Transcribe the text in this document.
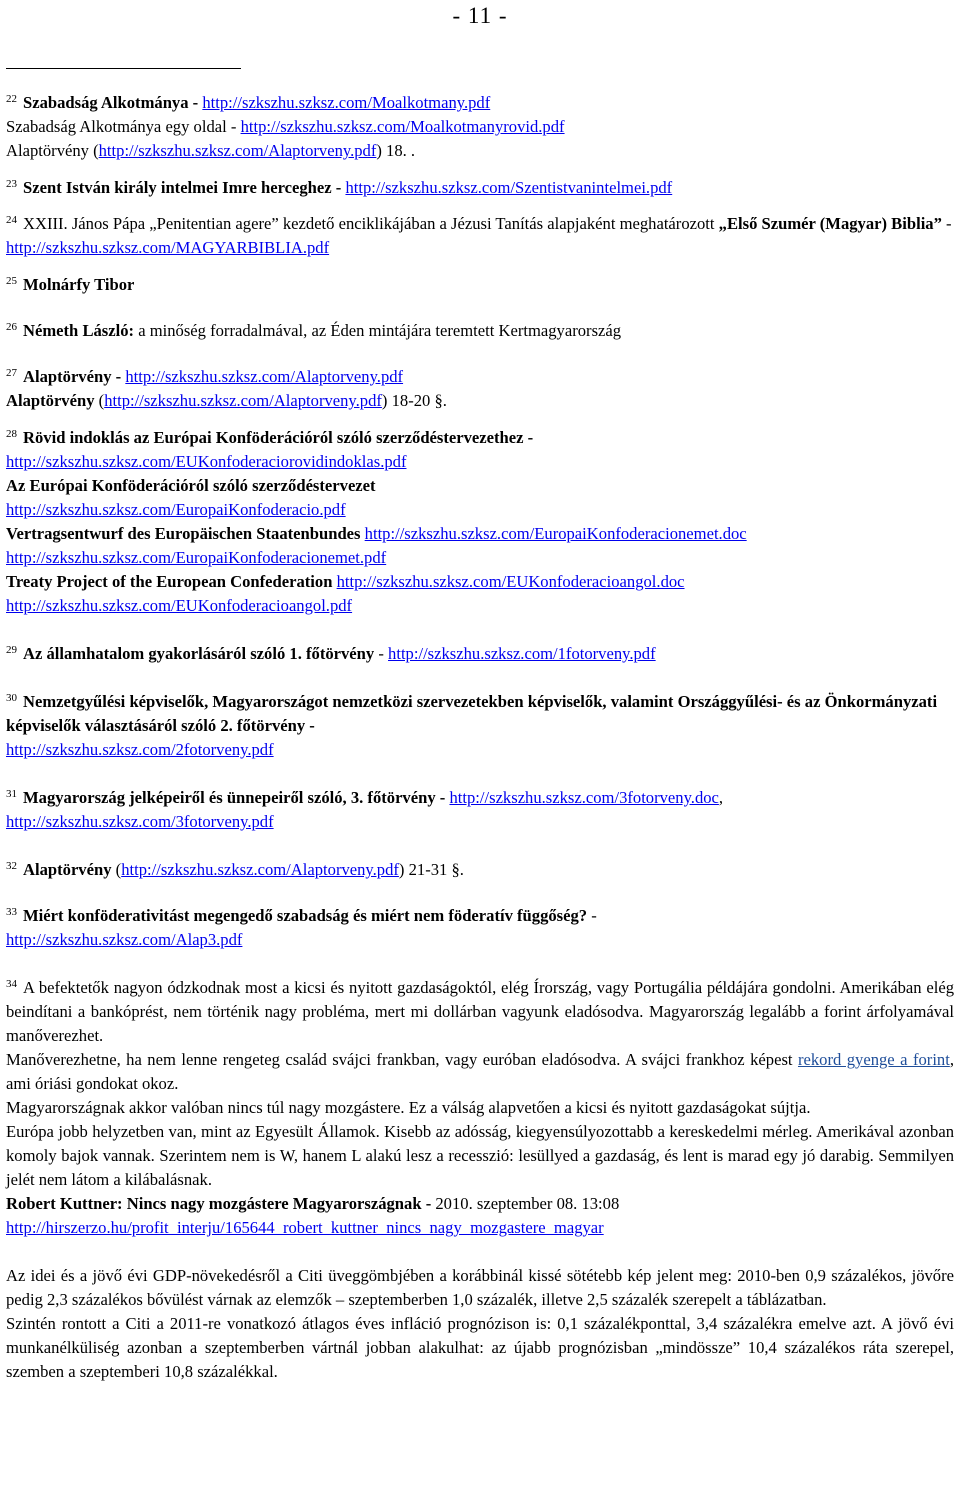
- 11 -

$^{22}$ Szabadság Alkotmánya - http://szkszhu.szksz.com/Moalkotmany.pdf

Szabadság Alkotmánya egy oldal - http://szkszhu.szksz.com/Moalkotmanyrovid.pdf

Alaptörvény (http://szkszhu.szksz.com/Alaptorveny.pdf) 18. .

$^{23}$ Szent István király intelmei Imre herceghez - http://szkszhu.szksz.com/Szentistvanintelmei.pdf

$^{24}$ XXIII. János Pápa „Penitentian agere” kezdető enciklikájában a Jézusi Tanítás alapjaként meghatározott „Első Szumér (Magyar) Biblia” - http://szkszhu.szksz.com/MAGYARBIBLIA.pdf

$^{25}$ Molnárfy Tibor

$^{26}$ Németh László: a minőség forradalmával, az Éden mintájára teremtett Kertmagyarország

$^{27}$ Alaptörvény - http://szkszhu.szksz.com/Alaptorveny.pdf

Alaptörvény (http://szkszhu.szksz.com/Alaptorveny.pdf) 18-20 §.

$^{28}$ Rövid indoklás az Európai Konföderációról szóló szerződéstervezethez -

http://szkszhu.szksz.com/EUKonfoderaciorovidindoklas.pdf

Az Európai Konföderációról szóló szerződéstervezet

http://szkszhu.szksz.com/EuropaiKonfoderacio.pdf

Vertragsentwurf des Europäischen Staatenbundes http://szkszhu.szksz.com/EuropaiKonfoderacionemet.doc

http://szkszhu.szksz.com/EuropaiKonfoderacionemet.pdf

Treaty Project of the European Confederation http://szkszhu.szksz.com/EUKonfoderacioangol.doc

http://szkszhu.szksz.com/EUKonfoderacioangol.pdf

$^{29}$ Az államhatalom gyakorlásáról szóló 1. főtörvény - http://szkszhu.szksz.com/1fotorveny.pdf

$^{30}$ Nemzetgyűlési képviselők, Magyarországot nemzetközi szervezetekben képviselők, valamint Országgyűlési- és az Önkormányzati képviselők választásáról szóló 2. főtörvény -

http://szkszhu.szksz.com/2fotorveny.pdf

$^{31}$ Magyarország jelképeiről és ünnepeiről szóló, 3. főtörvény - http://szkszhu.szksz.com/3fotorveny.doc,

http://szkszhu.szksz.com/3fotorveny.pdf

$^{32}$ Alaptörvény (http://szkszhu.szksz.com/Alaptorveny.pdf) 21-31 §.

$^{33}$ Miért konföderativitást megengedő szabadság és miért nem föderatív függőség? -

http://szkszhu.szksz.com/Alap3.pdf

$^{34}$ A befektetők nagyon ódzkodnak most a kicsi és nyitott gazdaságoktól, elég Írország, vagy Portugália példájára gondolni. Amerikában elég beindítani a bankóprést, nem történik nagy probléma, mert mi dollárban vagyunk eladósodva. Magyarország legalább a forint árfolyamával manőverezhet.

Manőverezhetne, ha nem lenne rengeteg család svájci frankban, vagy euróban eladósodva. A svájci frankhoz képest rekord gyenge a forint, ami óriási gondokat okoz.

Magyarországnak akkor valóban nincs túl nagy mozgástere. Ez a válság alapvetően a kicsi és nyitott gazdaságokat sújtja.

Európa jobb helyzetben van, mint az Egyesült Államok. Kisebb az adósság, kiegyensúlyozottabb a kereskedelmi mérleg. Amerikával azonban komoly bajok vannak. Szerintem nem is W, hanem L alakú lesz a recesszió: lesüllyed a gazdaság, és lent is marad egy jó darabig. Semmilyen jelét nem látom a kilábalásnak.

Robert Kuttner: Nincs nagy mozgástere Magyarországnak - 2010. szeptember 08. 13:08

http://hirszerzo.hu/profit_interju/165644_robert_kuttner_nincs_nagy_mozgastere_magyar

Az idei és a jövő évi GDP-növekedésről a Citi üveggömbjében a korábbinál kissé sötétebb kép jelent meg: 2010-ben 0,9 százalékos, jövőre pedig 2,3 százalékos bővülést várnak az elemzők – szeptemberben 1,0 százalék, illetve 2,5 százalék szerepelt a táblázatban.

Szintén rontott a Citi a 2011-re vonatkozó átlagos éves infláció prognózison is: 0,1 százalékponttal, 3,4 százalékra emelve azt. A jövő évi munkanélküliség azonban a szeptemberben vártnál jobban alakulhat: az újabb prognózisban „mindössze” 10,4 százalékos ráta szerepel, szemben a szeptemberi 10,8 százalékkal.
